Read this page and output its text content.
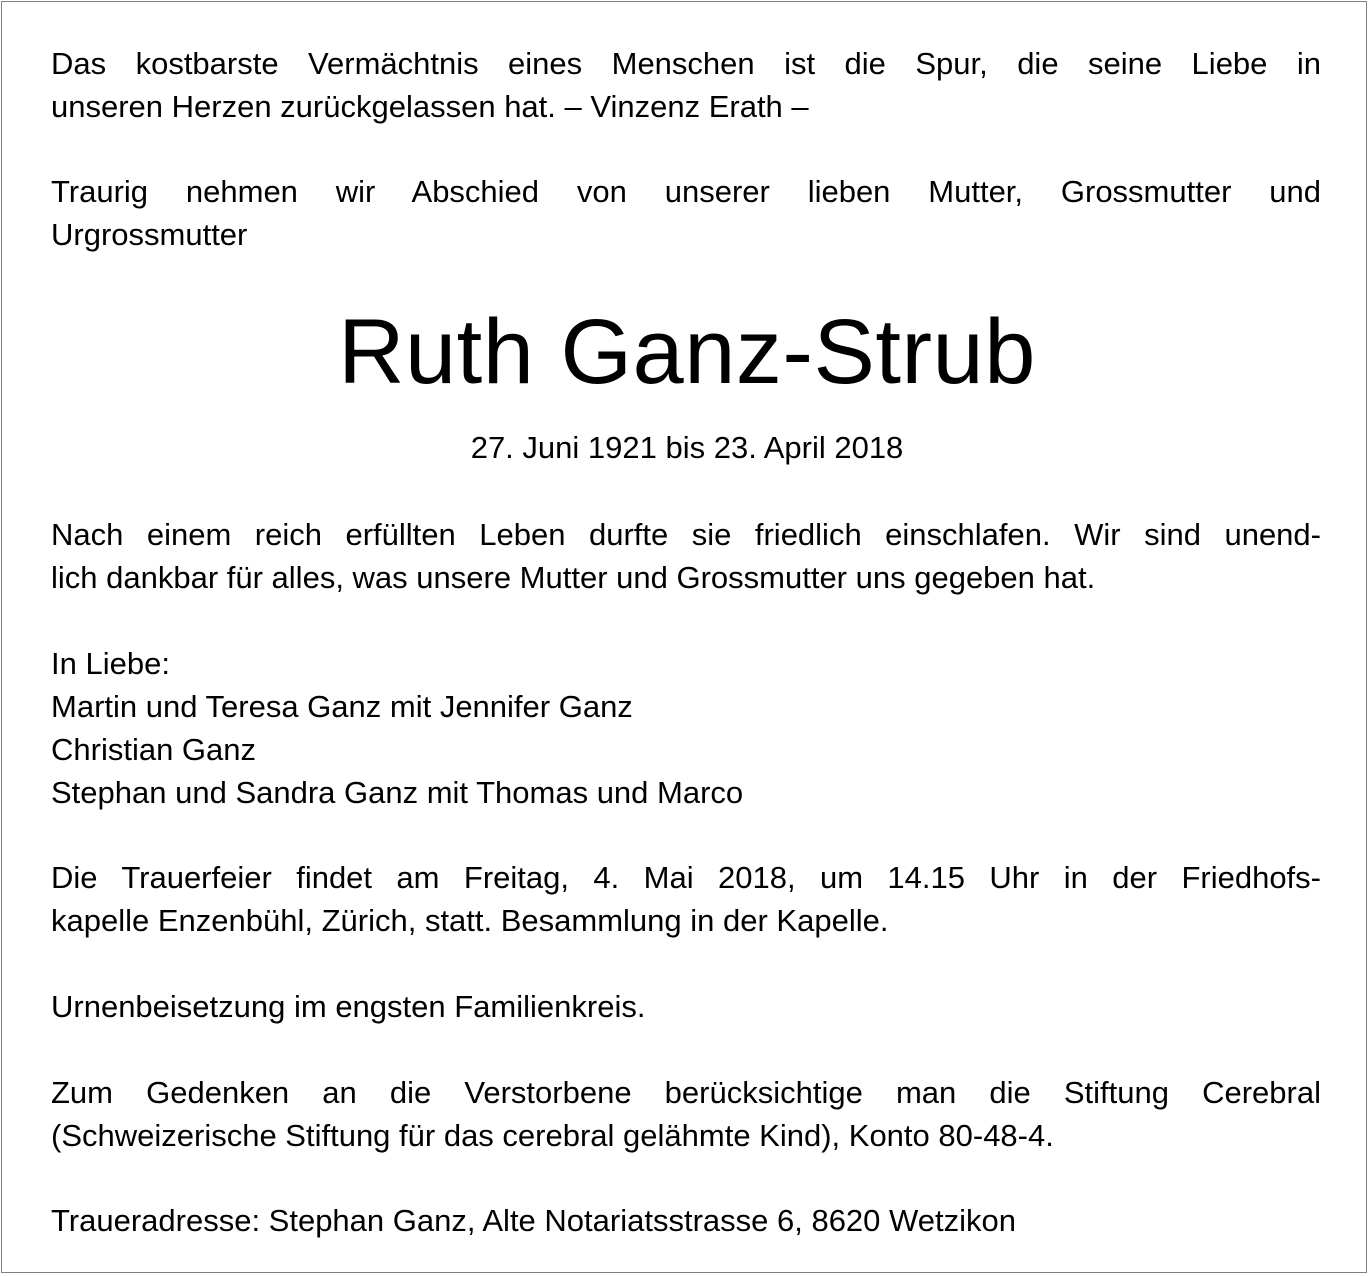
Das kostbarste Vermächtnis eines Menschen ist die Spur, die seine Liebe in
unseren Herzen zurückgelassen hat. – Vinzenz Erath –
Traurig nehmen wir Abschied von unserer lieben Mutter, Grossmutter und
Urgrossmutter
Ruth Ganz-Strub
27. Juni 1921 bis 23. April 2018
Nach einem reich erfüllten Leben durfte sie friedlich einschlafen. Wir sind unend-
lich dankbar für alles, was unsere Mutter und Grossmutter uns gegeben hat.
In Liebe:
Martin und Teresa Ganz mit Jennifer Ganz
Christian Ganz
Stephan und Sandra Ganz mit Thomas und Marco
Die Trauerfeier findet am Freitag, 4. Mai 2018, um 14.15 Uhr in der Friedhofs-
kapelle Enzenbühl, Zürich, statt. Besammlung in der Kapelle.
Urnenbeisetzung im engsten Familienkreis.
Zum Gedenken an die Verstorbene berücksichtige man die Stiftung Cerebral
(Schweizerische Stiftung für das cerebral gelähmte Kind), Konto 80-48-4.
Traueradresse: Stephan Ganz, Alte Notariatsstrasse 6, 8620 Wetzikon
